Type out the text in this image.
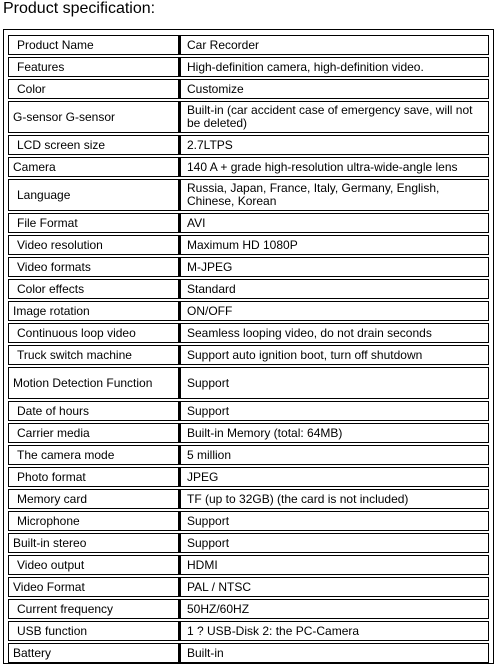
Product specification:
Product Name	Car Recorder
Features	High-definition camera, high-definition video.
Color	Customize
G-sensor G-sensor	Built-in (car accident case of emergency save, will not be deleted)
LCD screen size	2.7LTPS
Camera	140 A + grade high-resolution ultra-wide-angle lens
Language	Russia, Japan, France, Italy, Germany, English, Chinese, Korean
File Format	AVI
Video resolution	Maximum HD 1080P
Video formats	M-JPEG
Color effects	Standard
Image rotation	ON/OFF
Continuous loop video	Seamless looping video, do not drain seconds
Truck switch machine	Support auto ignition boot, turn off shutdown
Motion Detection Function	Support
Date of hours	Support
Carrier media	Built-in Memory (total: 64MB)
The camera mode	5 million
Photo format	JPEG
Memory card	TF (up to 32GB) (the card is not included)
Microphone	Support
Built-in stereo	Support
Video output	HDMI
Video Format	PAL / NTSC
Current frequency	50HZ/60HZ
USB function	1 ? USB-Disk 2: the PC-Camera
Battery	Built-in
